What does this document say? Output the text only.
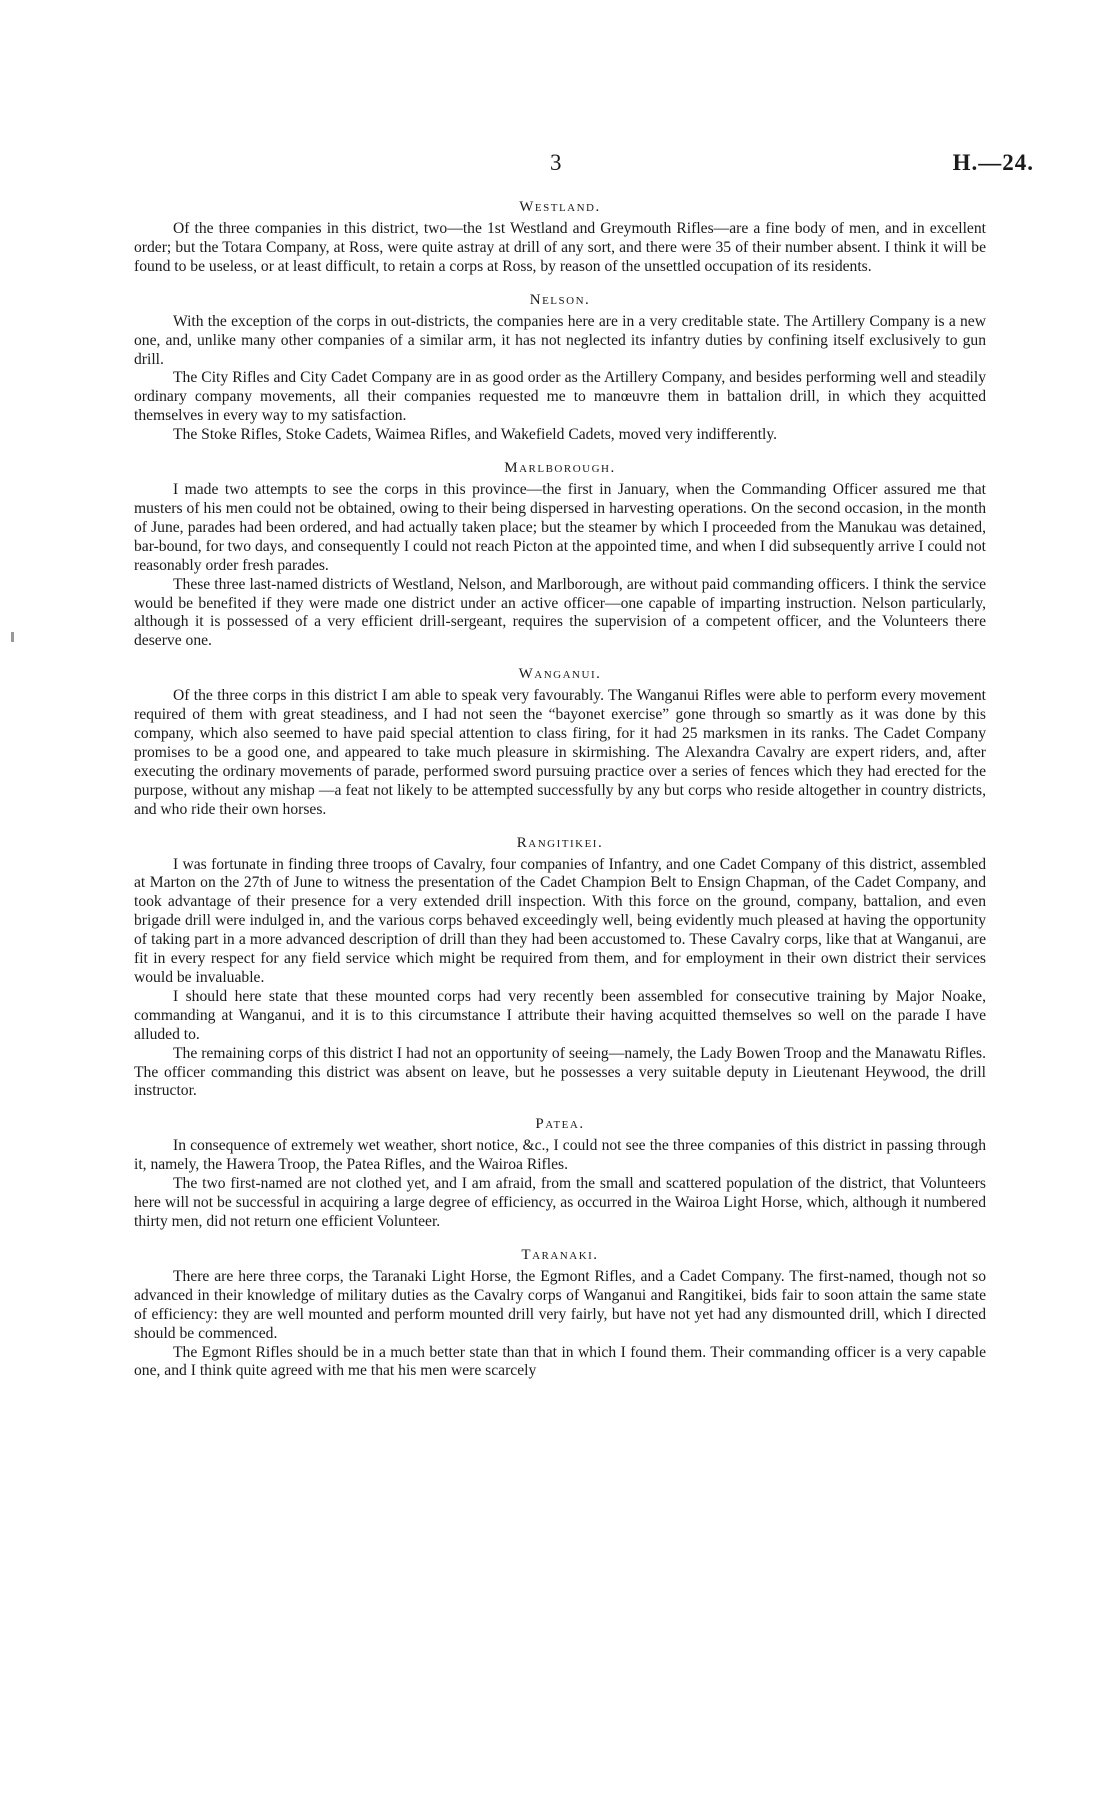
3	H.—24.
Westland.

Of the three companies in this district, two—the 1st Westland and Greymouth Rifles—are a fine body of men, and in excellent order; but the Totara Company, at Ross, were quite astray at drill of any sort, and there were 35 of their number absent. I think it will be found to be useless, or at least difficult, to retain a corps at Ross, by reason of the unsettled occupation of its residents.

Nelson.

With the exception of the corps in out-districts, the companies here are in a very creditable state. The Artillery Company is a new one, and, unlike many other companies of a similar arm, it has not neglected its infantry duties by confining itself exclusively to gun drill.

The City Rifles and City Cadet Company are in as good order as the Artillery Company, and besides performing well and steadily ordinary company movements, all their companies requested me to manœuvre them in battalion drill, in which they acquitted themselves in every way to my satisfaction.

The Stoke Rifles, Stoke Cadets, Waimea Rifles, and Wakefield Cadets, moved very indifferently.

Marlborough.

I made two attempts to see the corps in this province—the first in January, when the Commanding Officer assured me that musters of his men could not be obtained, owing to their being dispersed in harvesting operations. On the second occasion, in the month of June, parades had been ordered, and had actually taken place; but the steamer by which I proceeded from the Manukau was detained, bar-bound, for two days, and consequently I could not reach Picton at the appointed time, and when I did subsequently arrive I could not reasonably order fresh parades.

These three last-named districts of Westland, Nelson, and Marlborough, are without paid commanding officers. I think the service would be benefited if they were made one district under an active officer—one capable of imparting instruction. Nelson particularly, although it is possessed of a very efficient drill-sergeant, requires the supervision of a competent officer, and the Volunteers there deserve one.

Wanganui.

Of the three corps in this district I am able to speak very favourably. The Wanganui Rifles were able to perform every movement required of them with great steadiness, and I had not seen the “bayonet exercise” gone through so smartly as it was done by this company, which also seemed to have paid special attention to class firing, for it had 25 marksmen in its ranks. The Cadet Company promises to be a good one, and appeared to take much pleasure in skirmishing. The Alexandra Cavalry are expert riders, and, after executing the ordinary movements of parade, performed sword pursuing practice over a series of fences which they had erected for the purpose, without any mishap —a feat not likely to be attempted successfully by any but corps who reside altogether in country districts, and who ride their own horses.

Rangitikei.

I was fortunate in finding three troops of Cavalry, four companies of Infantry, and one Cadet Company of this district, assembled at Marton on the 27th of June to witness the presentation of the Cadet Champion Belt to Ensign Chapman, of the Cadet Company, and took advantage of their presence for a very extended drill inspection. With this force on the ground, company, battalion, and even brigade drill were indulged in, and the various corps behaved exceedingly well, being evidently much pleased at having the opportunity of taking part in a more advanced description of drill than they had been accustomed to. These Cavalry corps, like that at Wanganui, are fit in every respect for any field service which might be required from them, and for employment in their own district their services would be invaluable.

I should here state that these mounted corps had very recently been assembled for consecutive training by Major Noake, commanding at Wanganui, and it is to this circumstance I attribute their having acquitted themselves so well on the parade I have alluded to.

The remaining corps of this district I had not an opportunity of seeing—namely, the Lady Bowen Troop and the Manawatu Rifles. The officer commanding this district was absent on leave, but he possesses a very suitable deputy in Lieutenant Heywood, the drill instructor.

Patea.

In consequence of extremely wet weather, short notice, &c., I could not see the three companies of this district in passing through it, namely, the Hawera Troop, the Patea Rifles, and the Wairoa Rifles.

The two first-named are not clothed yet, and I am afraid, from the small and scattered population of the district, that Volunteers here will not be successful in acquiring a large degree of efficiency, as occurred in the Wairoa Light Horse, which, although it numbered thirty men, did not return one efficient Volunteer.

Taranaki.

There are here three corps, the Taranaki Light Horse, the Egmont Rifles, and a Cadet Company. The first-named, though not so advanced in their knowledge of military duties as the Cavalry corps of Wanganui and Rangitikei, bids fair to soon attain the same state of efficiency: they are well mounted and perform mounted drill very fairly, but have not yet had any dismounted drill, which I directed should be commenced.

The Egmont Rifles should be in a much better state than that in which I found them. Their commanding officer is a very capable one, and I think quite agreed with me that his men were scarcely
